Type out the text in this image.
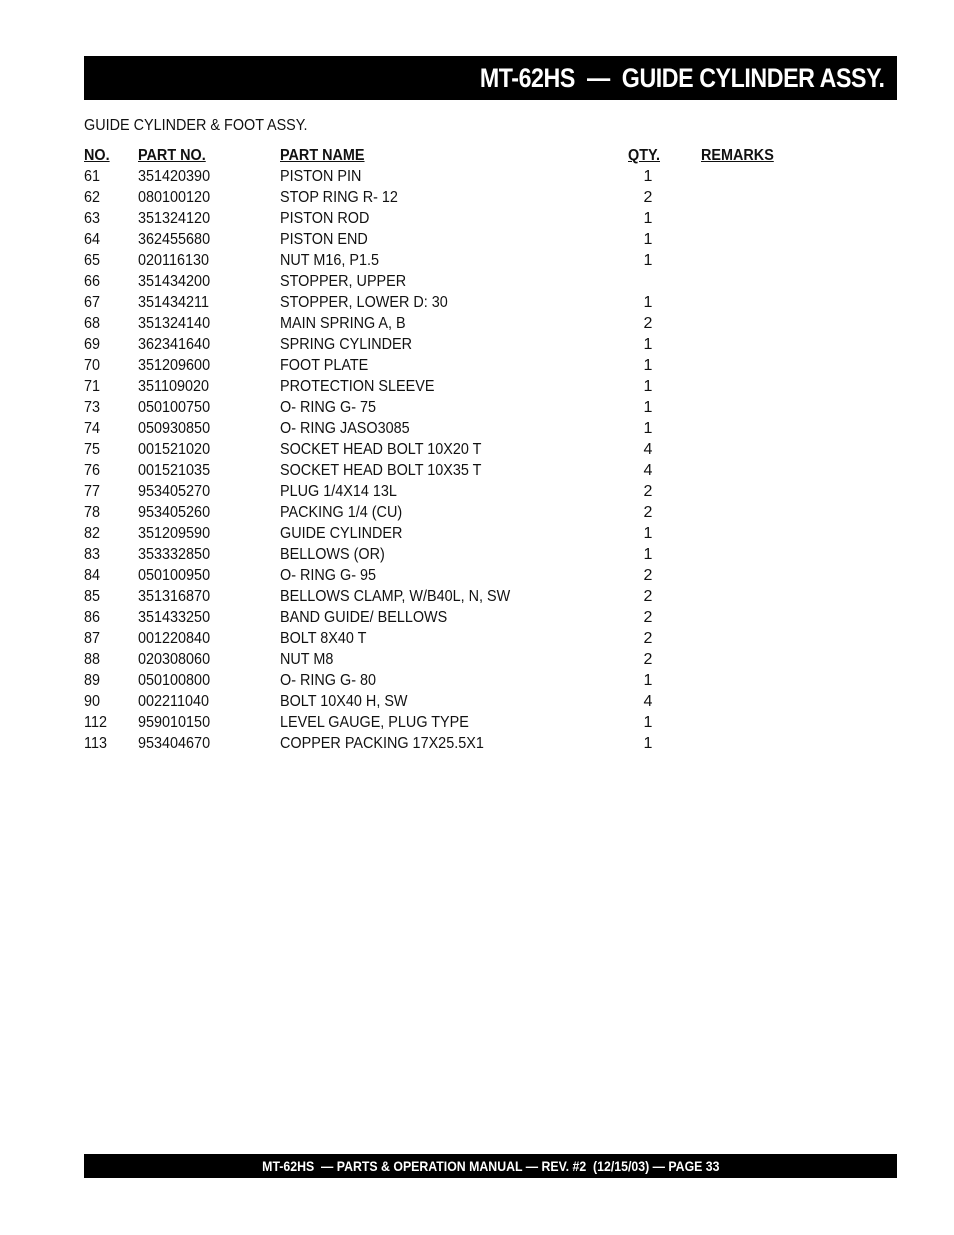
MT-62HS  —  GUIDE CYLINDER ASSY.
GUIDE CYLINDER & FOOT ASSY.
NO. PART NO.	PART NAME	QTY.	REMARKS
61 351420390	PISTON PIN	1
62 080100120	STOP RING R- 12	2
63 351324120	PISTON ROD	1
64 362455680	PISTON END	1
65 020116130	NUT M16, P1.5	1
66 351434200	STOPPER, UPPER
67 351434211	STOPPER, LOWER D: 30	1
68 351324140	MAIN SPRING A, B	2
69 362341640	SPRING CYLINDER	1
70 351209600	FOOT PLATE	1
71 351109020	PROTECTION SLEEVE	1
73 050100750	O- RING G- 75	1
74 050930850	O- RING JASO3085	1
75 001521020	SOCKET HEAD BOLT 10X20 T	4
76 001521035	SOCKET HEAD BOLT 10X35 T	4
77 953405270	PLUG 1/4X14 13L	2
78 953405260	PACKING 1/4 (CU)	2
82 351209590	GUIDE CYLINDER	1
83 353332850	BELLOWS (OR)	1
84 050100950	O- RING G- 95	2
85 351316870	BELLOWS CLAMP, W/B40L, N, SW	2
86 351433250	BAND GUIDE/ BELLOWS	2
87 001220840	BOLT 8X40 T	2
88 020308060	NUT M8	2
89 050100800	O- RING G- 80	1
90 002211040	BOLT 10X40 H, SW	4
112 959010150	LEVEL GAUGE, PLUG TYPE	1
113 953404670	COPPER PACKING 17X25.5X1	1
MT-62HS  — PARTS & OPERATION MANUAL — REV. #2  (12/15/03) — PAGE 33
